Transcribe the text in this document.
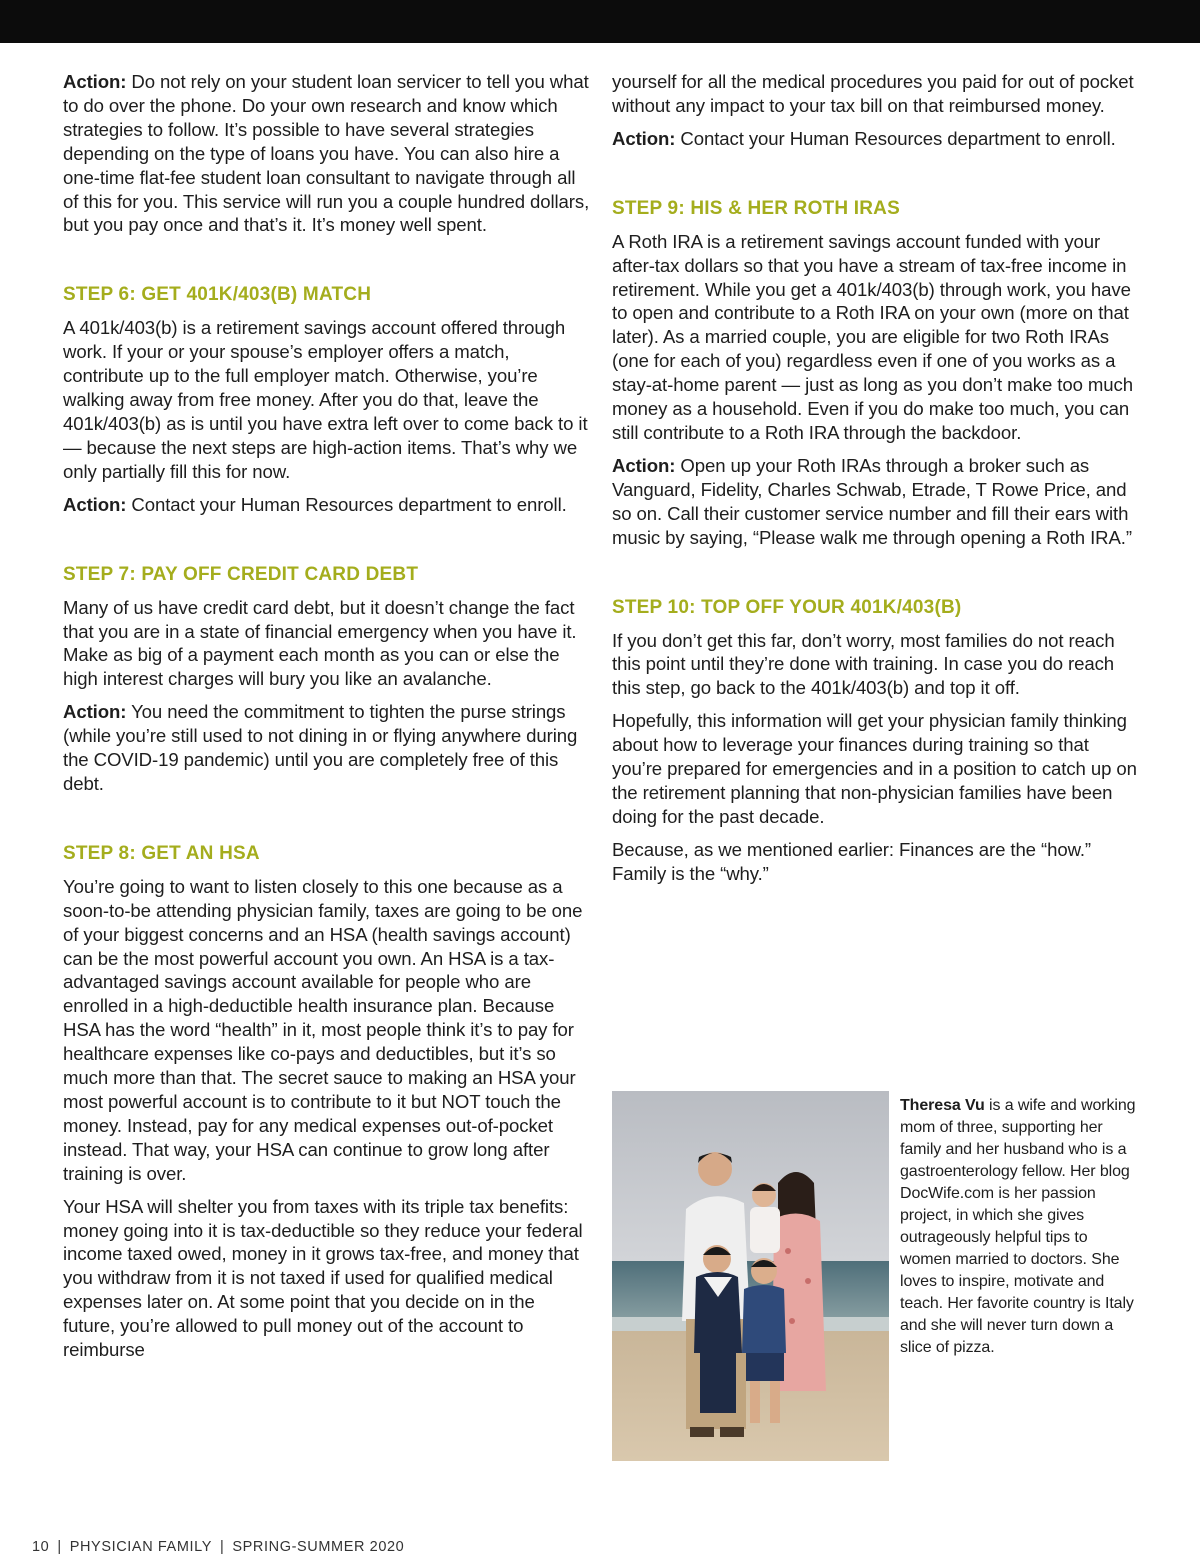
Action: Do not rely on your student loan servicer to tell you what to do over the phone. Do your own research and know which strategies to follow. It’s possible to have several strategies depending on the type of loans you have. You can also hire a one-time flat-fee student loan consultant to navigate through all of this for you. This service will run you a couple hundred dollars, but you pay once and that’s it. It’s money well spent.

STEP 6: GET 401K/403(B) MATCH

A 401k/403(b) is a retirement savings account offered through work. If your or your spouse’s employer offers a match, contribute up to the full employer match. Otherwise, you’re walking away from free money. After you do that, leave the 401k/403(b) as is until you have extra left over to come back to it — because the next steps are high-action items. That’s why we only partially fill this for now.

Action: Contact your Human Resources department to enroll.

STEP 7: PAY OFF CREDIT CARD DEBT

Many of us have credit card debt, but it doesn’t change the fact that you are in a state of financial emergency when you have it. Make as big of a payment each month as you can or else the high interest charges will bury you like an avalanche.

Action: You need the commitment to tighten the purse strings (while you’re still used to not dining in or flying anywhere during the COVID-19 pandemic) until you are completely free of this debt.

STEP 8: GET AN HSA

You’re going to want to listen closely to this one because as a soon-to-be attending physician family, taxes are going to be one of your biggest concerns and an HSA (health savings account) can be the most powerful account you own. An HSA is a tax-advantaged savings account available for people who are enrolled in a high-deductible health insurance plan. Because HSA has the word “health” in it, most people think it’s to pay for healthcare expenses like co-pays and deductibles, but it’s so much more than that. The secret sauce to making an HSA your most powerful account is to contribute to it but NOT touch the money. Instead, pay for any medical expenses out-of-pocket instead. That way, your HSA can continue to grow long after training is over.

Your HSA will shelter you from taxes with its triple tax benefits: money going into it is tax-deductible so they reduce your federal income taxed owed, money in it grows tax-free, and money that you withdraw from it is not taxed if used for qualified medical expenses later on. At some point that you decide on in the future, you’re allowed to pull money out of the account to reimburse

yourself for all the medical procedures you paid for out of pocket without any impact to your tax bill on that reimbursed money.

Action: Contact your Human Resources department to enroll.

STEP 9: HIS & HER ROTH IRAS

A Roth IRA is a retirement savings account funded with your after-tax dollars so that you have a stream of tax-free income in retirement. While you get a 401k/403(b) through work, you have to open and contribute to a Roth IRA on your own (more on that later). As a married couple, you are eligible for two Roth IRAs (one for each of you) regardless even if one of you works as a stay-at-home parent — just as long as you don’t make too much money as a household. Even if you do make too much, you can still contribute to a Roth IRA through the backdoor.

Action: Open up your Roth IRAs through a broker such as Vanguard, Fidelity, Charles Schwab, Etrade, T Rowe Price, and so on. Call their customer service number and fill their ears with music by saying, “Please walk me through opening a Roth IRA.”

STEP 10: TOP OFF YOUR 401K/403(B)

If you don’t get this far, don’t worry, most families do not reach this point until they’re done with training. In case you do reach this step, go back to the 401k/403(b) and top it off.

Hopefully, this information will get your physician family thinking about how to leverage your finances during training so that you’re prepared for emergencies and in a position to catch up on the retirement planning that non-physician families have been doing for the past decade.

Because, as we mentioned earlier: Finances are the “how.” Family is the “why.”

Theresa Vu is a wife and working mom of three, supporting her family and her husband who is a gastroenterology fellow. Her blog DocWife.com is her passion project, in which she gives outrageously helpful tips to women married to doctors. She loves to inspire, motivate and teach. Her favorite country is Italy and she will never turn down a slice of pizza.

10 | PHYSICIAN FAMILY | SPRING-SUMMER 2020
